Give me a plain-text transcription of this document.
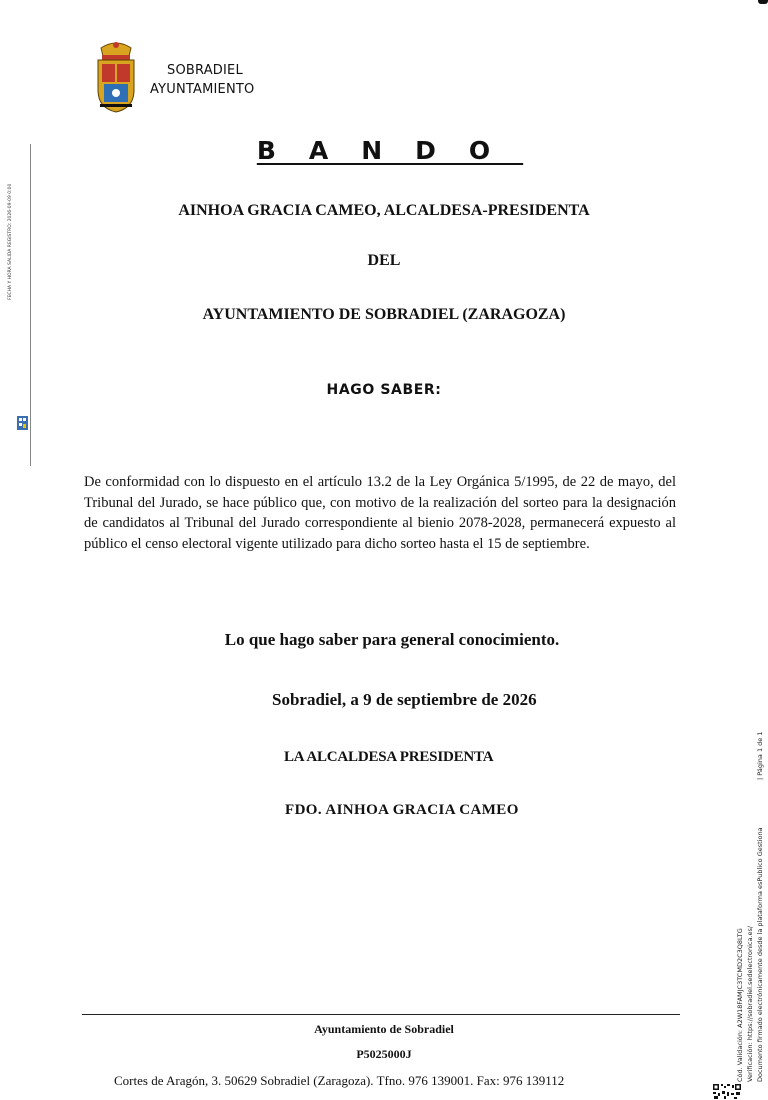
SOBRADIEL
AYUNTAMIENTO
BANDO
AINHOA GRACIA CAMEO, ALCALDESA-PRESIDENTA
DEL
AYUNTAMIENTO DE SOBRADIEL (ZARAGOZA)
HAGO SABER:
De conformidad con lo dispuesto en el artículo 13.2 de la Ley Orgánica 5/1995, de 22 de mayo, del Tribunal del Jurado, se hace público que, con motivo de la realización del sorteo para la designación de candidatos al Tribunal del Jurado correspondiente al bienio 2078-2028, permanecerá expuesto al público el censo electoral vigente utilizado para dicho sorteo hasta el 15 de septiembre.
Lo que hago saber para general conocimiento.
Sobradiel, a 9 de septiembre de 2026
LA ALCALDESA PRESIDENTA
FDO. AINHOA GRACIA CAMEO
Ayuntamiento de Sobradiel
P5025000J
Cortes de Aragón, 3. 50629 Sobradiel (Zaragoza). Tfno. 976 139001. Fax: 976 139112
FECHA Y HORA SALIDA REGISTRO: 2026-09-09 0:00
Cód. Validación: A2W18FAMJC3TCMD2C3Q8LTG Verificación: https://sobradiel.sedelectronica.es/ Documento firmado electrónicamente desde la plataforma esPublico Gestiona
| Página 1 de 1
